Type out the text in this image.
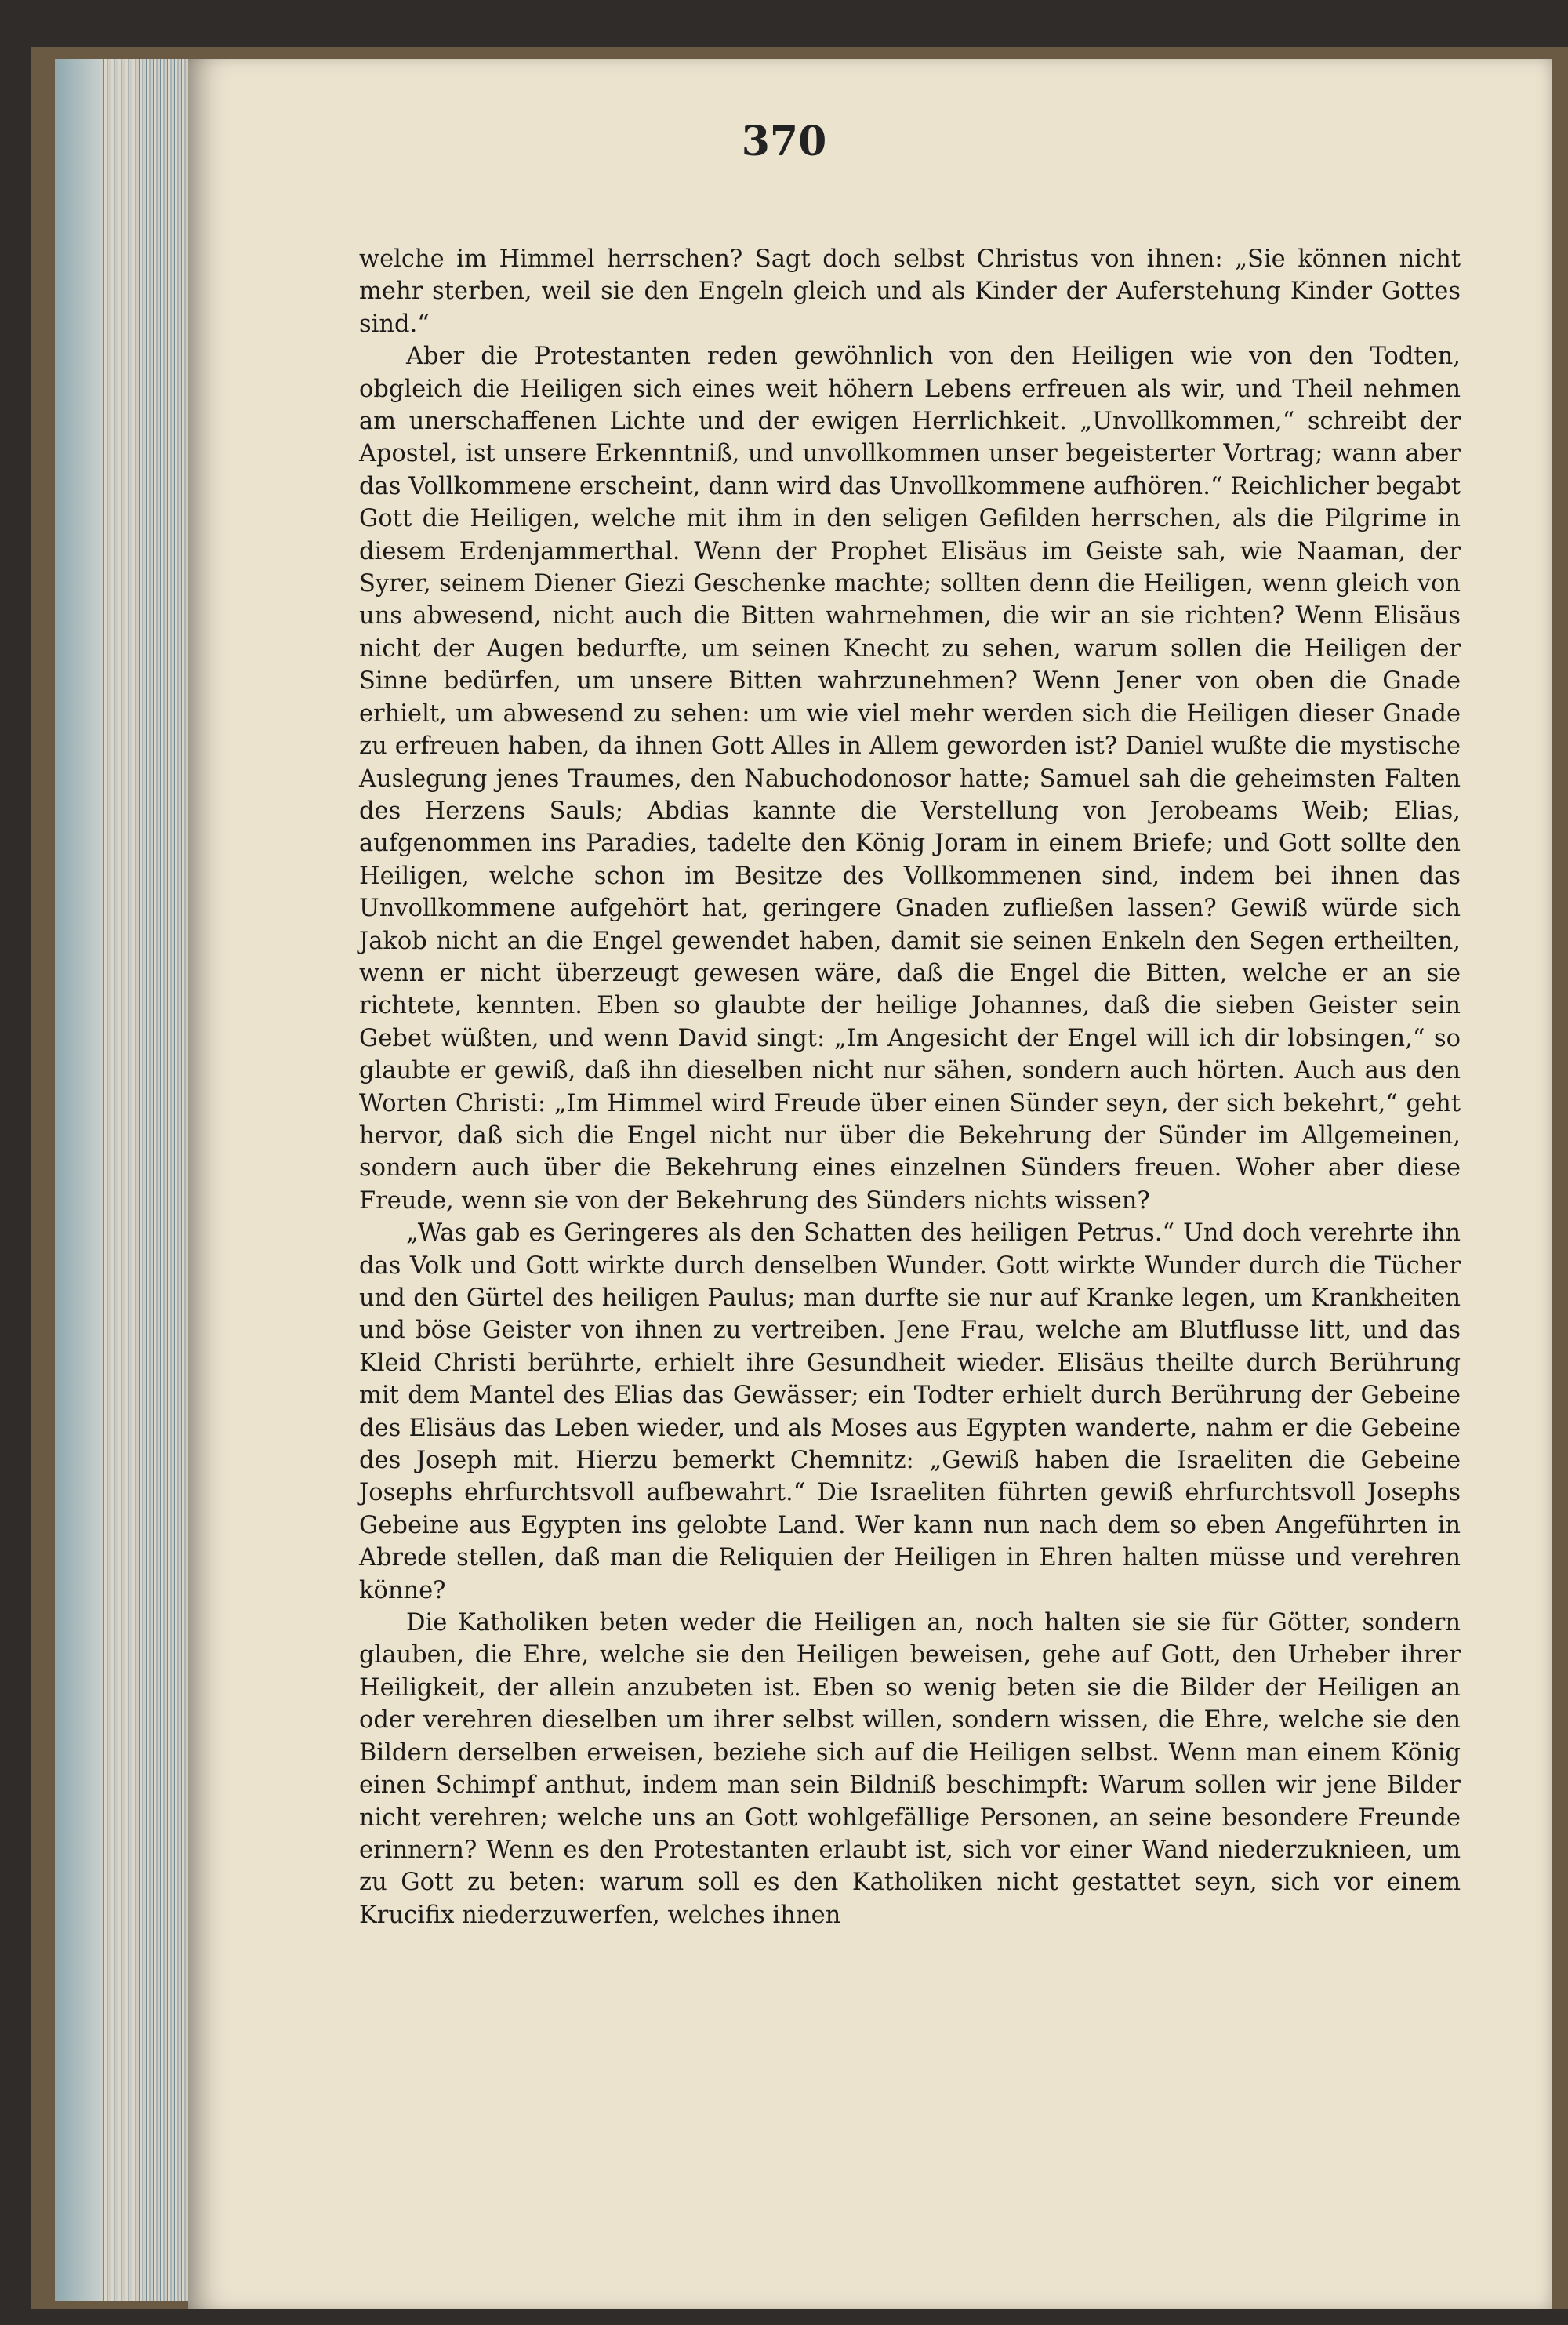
370

welche im Himmel herrschen? Sagt doch selbst Christus von ihnen: „Sie können nicht mehr sterben, weil sie den Engeln gleich und als Kinder der Auferstehung Kinder Gottes sind.“

Aber die Protestanten reden gewöhnlich von den Heiligen wie von den Todten, obgleich die Heiligen sich eines weit höhern Lebens erfreuen als wir, und Theil nehmen am unerschaffenen Lichte und der ewigen Herrlichkeit. „Unvollkommen,“ schreibt der Apostel, ist unsere Erkenntniß, und unvollkommen unser begeisterter Vortrag; wann aber das Vollkommene erscheint, dann wird das Unvollkommene aufhören.“ Reichlicher begabt Gott die Heiligen, welche mit ihm in den seligen Gefilden herrschen, als die Pilgrime in diesem Erdenjammerthal. Wenn der Prophet Elisäus im Geiste sah, wie Naaman, der Syrer, seinem Diener Giezi Geschenke machte; sollten denn die Heiligen, wenn gleich von uns abwesend, nicht auch die Bitten wahrnehmen, die wir an sie richten? Wenn Elisäus nicht der Augen bedurfte, um seinen Knecht zu sehen, warum sollen die Heiligen der Sinne bedürfen, um unsere Bitten wahrzunehmen? Wenn Jener von oben die Gnade erhielt, um abwesend zu sehen: um wie viel mehr werden sich die Heiligen dieser Gnade zu erfreuen haben, da ihnen Gott Alles in Allem geworden ist? Daniel wußte die mystische Auslegung jenes Traumes, den Nabuchodonosor hatte; Samuel sah die geheimsten Falten des Herzens Sauls; Abdias kannte die Verstellung von Jerobeams Weib; Elias, aufgenommen ins Paradies, tadelte den König Joram in einem Briefe; und Gott sollte den Heiligen, welche schon im Besitze des Vollkommenen sind, indem bei ihnen das Unvollkommene aufgehört hat, geringere Gnaden zufließen lassen? Gewiß würde sich Jakob nicht an die Engel gewendet haben, damit sie seinen Enkeln den Segen ertheilten, wenn er nicht überzeugt gewesen wäre, daß die Engel die Bitten, welche er an sie richtete, kennten. Eben so glaubte der heilige Johannes, daß die sieben Geister sein Gebet wüßten, und wenn David singt: „Im Angesicht der Engel will ich dir lobsingen,“ so glaubte er gewiß, daß ihn dieselben nicht nur sähen, sondern auch hörten. Auch aus den Worten Christi: „Im Himmel wird Freude über einen Sünder seyn, der sich bekehrt,“ geht hervor, daß sich die Engel nicht nur über die Bekehrung der Sünder im Allgemeinen, sondern auch über die Bekehrung eines einzelnen Sünders freuen. Woher aber diese Freude, wenn sie von der Bekehrung des Sünders nichts wissen?

„Was gab es Geringeres als den Schatten des heiligen Petrus.“ Und doch verehrte ihn das Volk und Gott wirkte durch denselben Wunder. Gott wirkte Wunder durch die Tücher und den Gürtel des heiligen Paulus; man durfte sie nur auf Kranke legen, um Krankheiten und böse Geister von ihnen zu vertreiben. Jene Frau, welche am Blutflusse litt, und das Kleid Christi berührte, erhielt ihre Gesundheit wieder. Elisäus theilte durch Berührung mit dem Mantel des Elias das Gewässer; ein Todter erhielt durch Berührung der Gebeine des Elisäus das Leben wieder, und als Moses aus Egypten wanderte, nahm er die Gebeine des Joseph mit. Hierzu bemerkt Chemnitz: „Gewiß haben die Israeliten die Gebeine Josephs ehrfurchtsvoll aufbewahrt.“ Die Israeliten führten gewiß ehrfurchtsvoll Josephs Gebeine aus Egypten ins gelobte Land. Wer kann nun nach dem so eben Angeführten in Abrede stellen, daß man die Reliquien der Heiligen in Ehren halten müsse und verehren könne?

Die Katholiken beten weder die Heiligen an, noch halten sie sie für Götter, sondern glauben, die Ehre, welche sie den Heiligen beweisen, gehe auf Gott, den Urheber ihrer Heiligkeit, der allein anzubeten ist. Eben so wenig beten sie die Bilder der Heiligen an oder verehren dieselben um ihrer selbst willen, sondern wissen, die Ehre, welche sie den Bildern derselben erweisen, beziehe sich auf die Heiligen selbst. Wenn man einem König einen Schimpf anthut, indem man sein Bildniß beschimpft: Warum sollen wir jene Bilder nicht verehren; welche uns an Gott wohlgefällige Personen, an seine besondere Freunde erinnern? Wenn es den Protestanten erlaubt ist, sich vor einer Wand niederzuknieen, um zu Gott zu beten: warum soll es den Katholiken nicht gestattet seyn, sich vor einem Krucifix niederzuwerfen, welches ihnen
